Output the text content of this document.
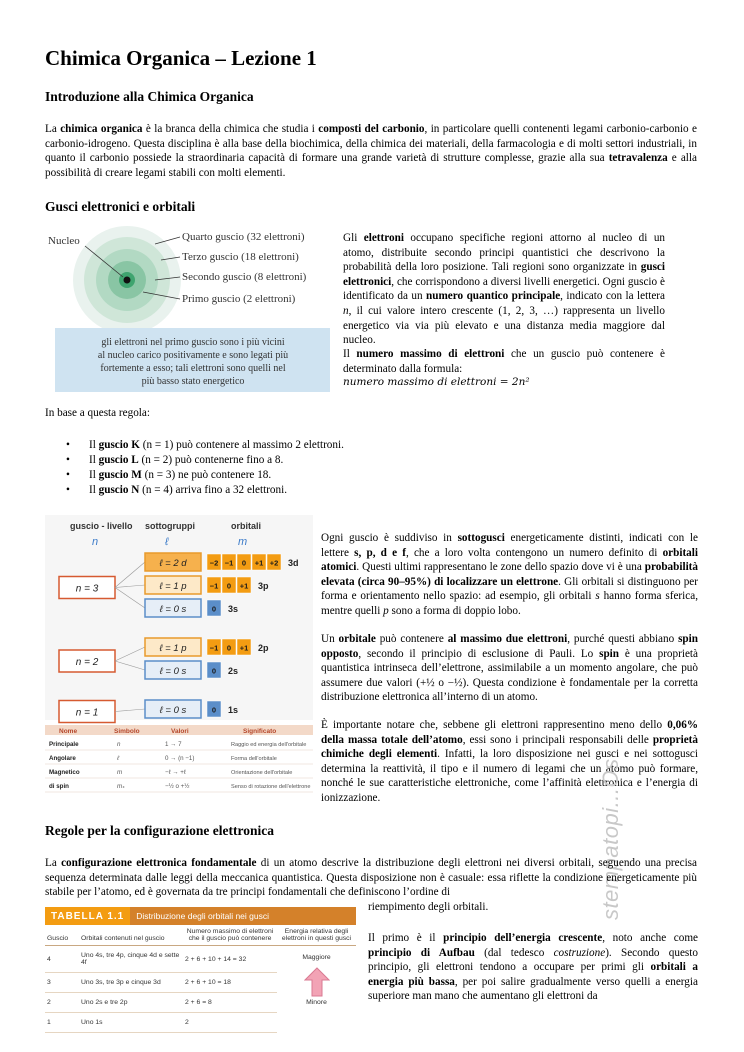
Chimica Organica – Lezione 1
Introduzione alla Chimica Organica

La chimica organica è la branca della chimica che studia i composti del carbonio, in particolare quelli contenenti legami carbonio-carbonio e carbonio-idrogeno. Questa disciplina è alla base della biochimica, della chimica dei materiali, della farmacologia e di molti settori industriali, in quanto il carbonio possiede la straordinaria capacità di formare una grande varietà di strutture complesse, grazie alla sua tetravalenza e alla possibilità di creare legami stabili con molti elementi.

Gusci elettronici e orbitali
Nucleo	Quarto guscio (32 elettroni)
Terzo guscio (18 elettroni)
Secondo guscio (8 elettroni)
Primo guscio (2 elettroni)
gli elettroni nel primo guscio sono i più vicini
al nucleo carico positivamente e sono legati più
fortemente a esso; tali elettroni sono quelli nel
più basso stato energetico

Gli elettroni occupano specifiche regioni attorno al nucleo di un atomo, distribuite secondo principi quantistici che descrivono la probabilità della loro posizione. Tali regioni sono organizzate in gusci elettronici, che corrispondono a diversi livelli energetici. Ogni guscio è identificato da un numero quantico principale, indicato con la lettera n, il cui valore intero crescente (1, 2, 3, …) rappresenta un livello energetico via via più elevato e una distanza media maggiore dal nucleo.

Il numero massimo di elettroni che un guscio può contenere è determinato dalla formula:

numero massimo di elettroni = 2n²

In base a questa regola:

• Il guscio K (n = 1) può contenere al massimo 2 elettroni.
• Il guscio L (n = 2) può contenerne fino a 8.
• Il guscio M (n = 3) ne può contenere 18.
• Il guscio N (n = 4) arriva fino a 32 elettroni.
guscio - livello sottogruppi	orbitali
n	ℓ	m
n = 3
ℓ = 2 d	−2 −1 0 +1 +2 3d
ℓ = 1 p	−1 0 +1 3p
ℓ = 0 s	0 3s
n = 2
ℓ = 1 p	−1 0 +1 2p
ℓ = 0 s	0 2s
n = 1	ℓ = 0 s	0 1s
Nome	Simbolo	Valori	Significato
Principale	n	1 → 7	Raggio ed energia dell'orbitale
Angolare	ℓ	0 → (n −1)	Forma dell'orbitale
Magnetico	m	−ℓ → +ℓ	Orientazione dell'orbitale
di spin	mₛ	−½ o +½	Senso di rotazione dell'elettrone

Ogni guscio è suddiviso in sottogusci energeticamente distinti, indicati con le lettere s, p, d e f, che a loro volta contengono un numero definito di orbitali atomici. Questi ultimi rappresentano le zone dello spazio dove vi è una probabilità elevata (circa 90–95%) di localizzare un elettrone. Gli orbitali si distinguono per forma e orientamento nello spazio: ad esempio, gli orbitali s hanno forma sferica, mentre quelli p sono a forma di doppio lobo.

Un orbitale può contenere al massimo due elettroni, purché questi abbiano spin opposto, secondo il principio di esclusione di Pauli. Lo spin è una proprietà quantistica intrinseca dell’elettrone, assimilabile a un momento angolare, che può assumere due valori (+½ o −½). Questa condizione è fondamentale per la corretta distribuzione elettronica all’interno di un atomo.

È importante notare che, sebbene gli elettroni rappresentino meno dello 0,06% della massa totale dell’atomo, essi sono i principali responsabili delle proprietà chimiche degli elementi. Infatti, la loro disposizione nei gusci e nei sottogusci determina la reattività, il tipo e il numero di legami che un atomo può formare, nonché le sue caratteristiche elettroniche, come l’affinità elettronica e l’energia di ionizzazione.	stempatopi...Os
Regole per la configurazione elettronica

La configurazione elettronica fondamentale di un atomo descrive la distribuzione degli elettroni nei diversi orbitali, seguendo una precisa sequenza determinata dalle leggi della meccanica quantistica. Questa disposizione non è casuale: essa riflette la condizione energeticamente più stabile per l’atomo, ed è governata da tre principi fondamentali che definiscono l’ordine di

riempimento degli orbitali.

Il primo è il principio dell’energia crescente, noto anche come principio di Aufbau (dal tedesco costruzione). Secondo questo principio, gli elettroni tendono a occupare per primi gli orbitali a energia più bassa, per poi salire gradualmente verso quelli a energia superiore man mano che aumentano gli elettroni da

TABELLA 1.1	Distribuzione degli orbitali nei gusci
Guscio	Orbitali contenuti nel guscio	Numero massimo di elettroni che il guscio può contenere	Energia relativa degli elettroni in questi gusci
4	Uno 4s, tre 4p, cinque 4d e sette 4f	2 + 6 + 10 + 14 = 32	Maggiore
Minore

3	Uno 3s, tre 3p e cinque 3d	2 + 6 + 10 = 18	
2	Uno 2s e tre 2p	2 + 6 = 8	
1	Uno 1s	2	
